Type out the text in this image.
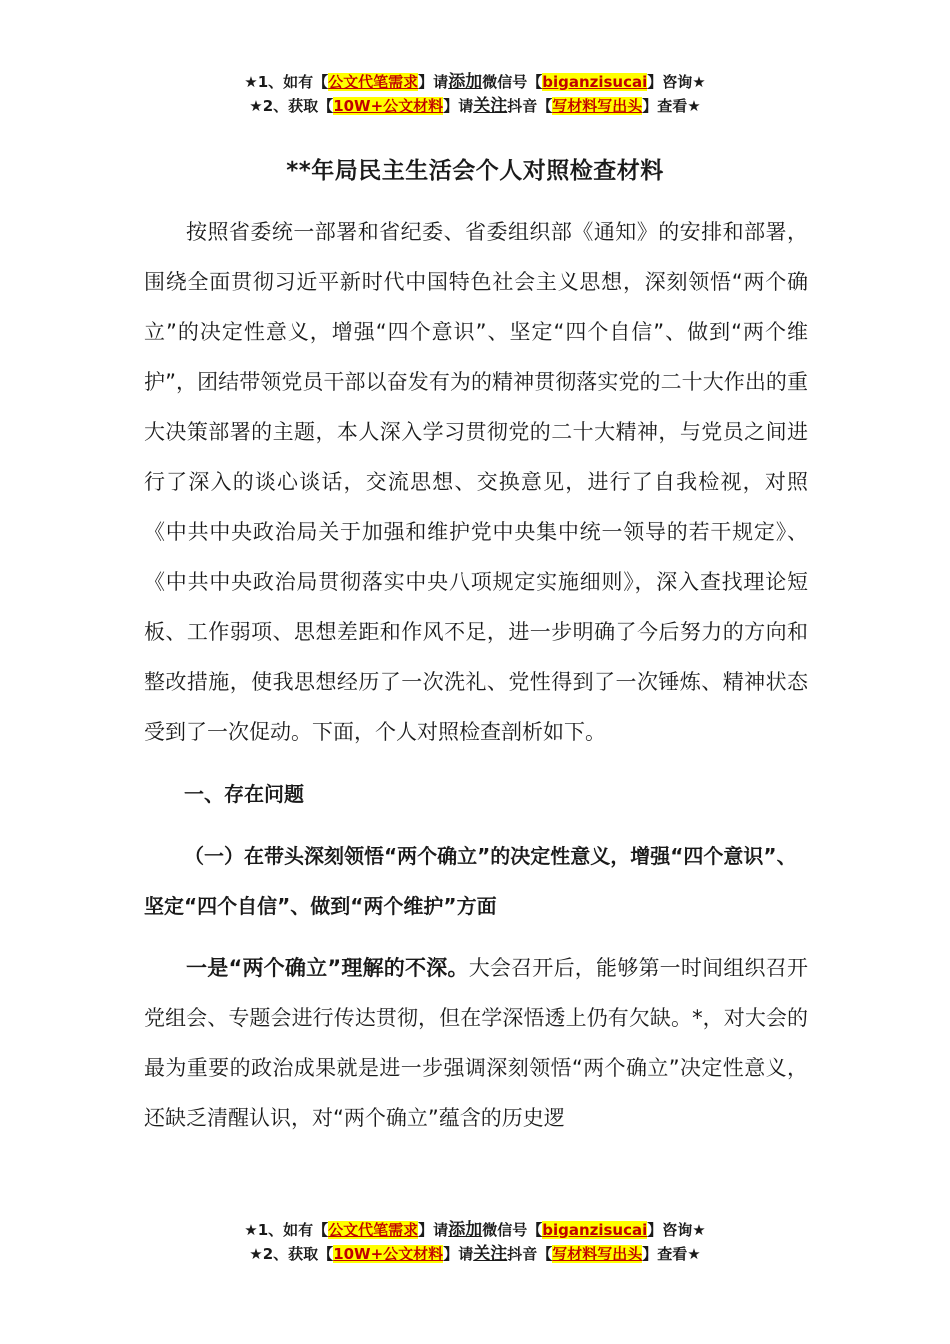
★1、如有【公文代笔需求】请添加微信号【biganzisucai】咨询★
★2、获取【10W+公文材料】请关注抖音【写材料写出头】查看★
**年局民主生活会个人对照检查材料

按照省委统一部署和省纪委、省委组织部《通知》的安排和部署，围绕全面贯彻习近平新时代中国特色社会主义思想，深刻领悟“两个确立”的决定性意义，增强“四个意识”、坚定“四个自信”、做到“两个维护”，团结带领党员干部以奋发有为的精神贯彻落实党的二十大作出的重大决策部署的主题，本人深入学习贯彻党的二十大精神，与党员之间进行了深入的谈心谈话，交流思想、交换意见，进行了自我检视，对照《中共中央政治局关于加强和维护党中央集中统一领导的若干规定》、《中共中央政治局贯彻落实中央八项规定实施细则》，深入查找理论短板、工作弱项、思想差距和作风不足，进一步明确了今后努力的方向和整改措施，使我思想经历了一次洗礼、党性得到了一次锤炼、精神状态受到了一次促动。下面，个人对照检查剖析如下。

一、存在问题

（一）在带头深刻领悟“两个确立”的决定性意义，增强“四个意识”、坚定“四个自信”、做到“两个维护”方面

一是“两个确立”理解的不深。大会召开后，能够第一时间组织召开党组会、专题会进行传达贯彻，但在学深悟透上仍有欠缺。*，对大会的最为重要的政治成果就是进一步强调深刻领悟“两个确立”决定性意义，还缺乏清醒认识，对“两个确立”蕴含的历史逻

★1、如有【公文代笔需求】请添加微信号【biganzisucai】咨询★
★2、获取【10W+公文材料】请关注抖音【写材料写出头】查看★
